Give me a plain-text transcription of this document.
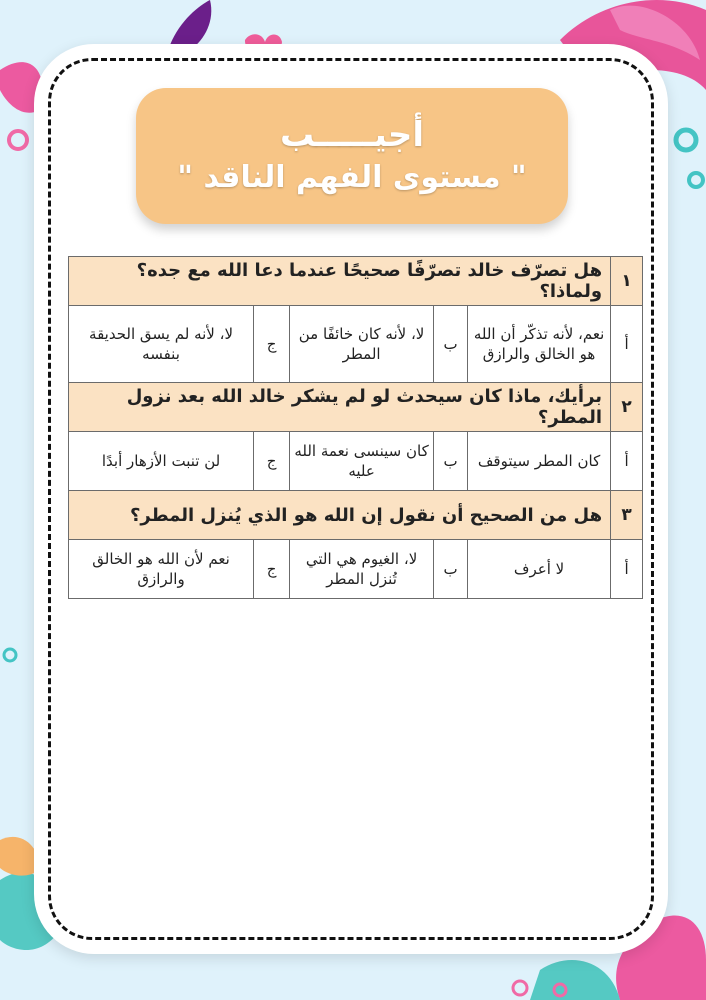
أجيـــــب
" مستوى الفهم الناقد "
١	هل تصرّف خالد تصرّفًا صحيحًا عندما دعا الله مع جده؟ ولماذا؟				
أ	نعم، لأنه تذكّر أن الله هو الخالق والرازق	ب	لا، لأنه كان خائفًا من المطر	ج	لا، لأنه لم يسق الحديقة بنفسه
٢	برأيك، ماذا كان سيحدث لو لم يشكر خالد الله بعد نزول المطر؟				
أ	كان المطر سيتوقف	ب	كان سينسى نعمة الله عليه	ج	لن تنبت الأزهار أبدًا
٣	هل من الصحيح أن نقول إن الله هو الذي يُنزل المطر؟				
أ	لا أعرف	ب	لا، الغيوم هي التي تُنزل المطر	ج	نعم لأن الله هو الخالق والرازق
